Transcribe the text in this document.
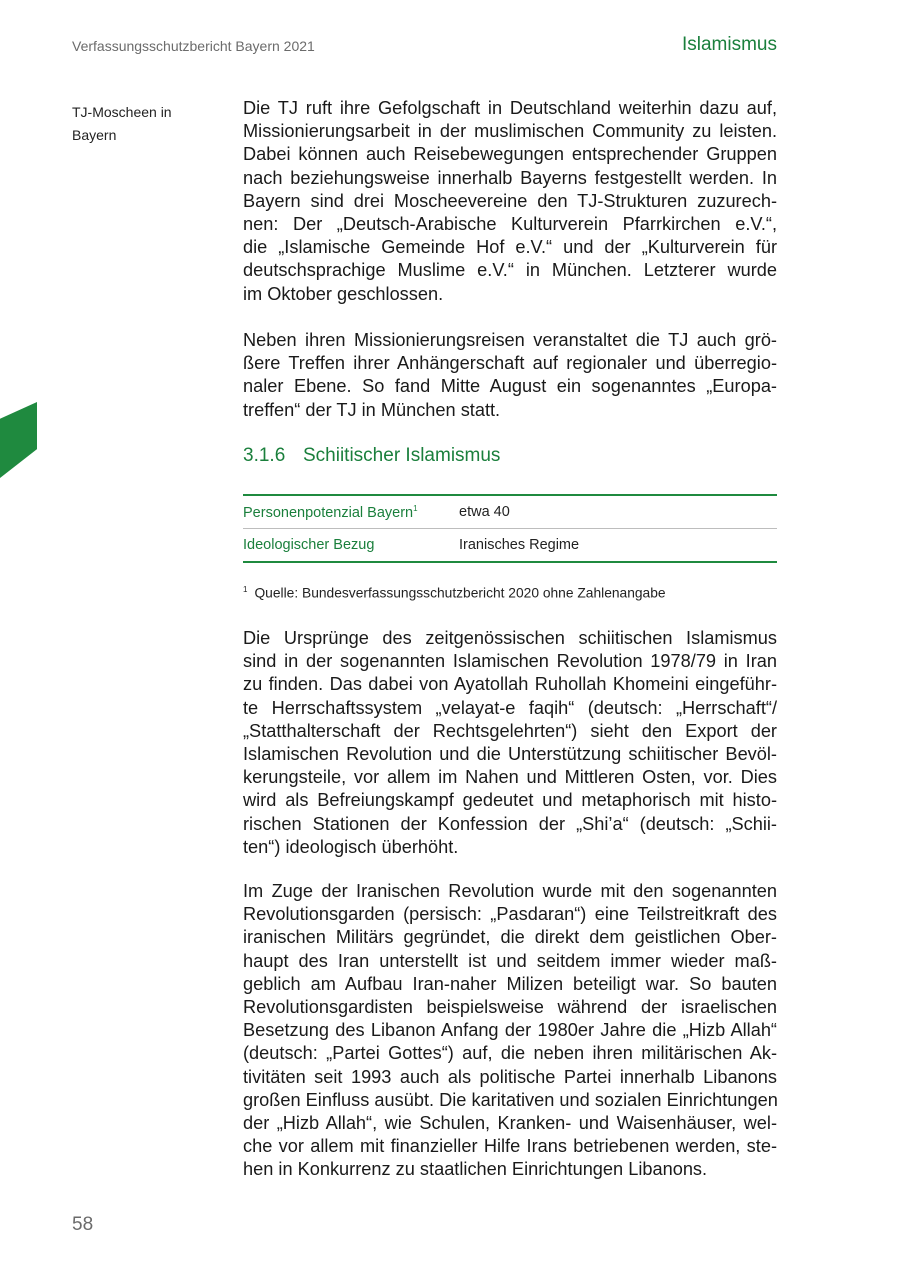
Verfassungsschutzbericht Bayern 2021	Islamismus
TJ-Moscheen in
Bayern
Die TJ ruft ihre Gefolgschaft in Deutschland weiterhin dazu auf,
Missionierungsarbeit in der muslimischen Community zu leisten.
Dabei können auch Reisebewegungen entsprechender Gruppen
nach beziehungsweise innerhalb Bayerns festgestellt werden. In
Bayern sind drei Moscheevereine den TJ-Strukturen zuzurech-
nen: Der „Deutsch-Arabische Kulturverein Pfarrkirchen e.V.“,
die „Islamische Gemeinde Hof e.V.“ und der „Kulturverein für
deutschsprachige Muslime e.V.“ in München. Letzterer wurde
im Oktober geschlossen.
Neben ihren Missionierungsreisen veranstaltet die TJ auch grö-
ßere Treffen ihrer Anhängerschaft auf regionaler und überregio-
naler Ebene. So fand Mitte August ein sogenanntes „Europa-
treffen“ der TJ in München statt.
3.1.6 Schiitischer Islamismus
Personenpotenzial Bayern$^1$	etwa 40
Ideologischer Bezug	Iranisches Regime
$^1$ Quelle: Bundesverfassungsschutzbericht 2020 ohne Zahlenangabe
Die Ursprünge des zeitgenössischen schiitischen Islamismus
sind in der sogenannten Islamischen Revolution 1978/79 in Iran
zu finden. Das dabei von Ayatollah Ruhollah Khomeini eingeführ-
te Herrschaftssystem „velayat-e faqih“ (deutsch: „Herrschaft“/
„Statthalterschaft der Rechtsgelehrten“) sieht den Export der
Islamischen Revolution und die Unterstützung schiitischer Bevöl-
kerungsteile, vor allem im Nahen und Mittleren Osten, vor. Dies
wird als Befreiungskampf gedeutet und metaphorisch mit histo-
rischen Stationen der Konfession der „Shi’a“ (deutsch: „Schii-
ten“) ideologisch überhöht.
Im Zuge der Iranischen Revolution wurde mit den sogenannten
Revolutionsgarden (persisch: „Pasdaran“) eine Teilstreitkraft des
iranischen Militärs gegründet, die direkt dem geistlichen Ober-
haupt des Iran unterstellt ist und seitdem immer wieder maß-
geblich am Aufbau Iran-naher Milizen beteiligt war. So bauten
Revolutionsgardisten beispielsweise während der israelischen
Besetzung des Libanon Anfang der 1980er Jahre die „Hizb Allah“
(deutsch: „Partei Gottes“) auf, die neben ihren militärischen Ak-
tivitäten seit 1993 auch als politische Partei innerhalb Libanons
großen Einfluss ausübt. Die karitativen und sozialen Einrichtungen
der „Hizb Allah“, wie Schulen, Kranken- und Waisenhäuser, wel-
che vor allem mit finanzieller Hilfe Irans betriebenen werden, ste-
hen in Konkurrenz zu staatlichen Einrichtungen Libanons.
58
